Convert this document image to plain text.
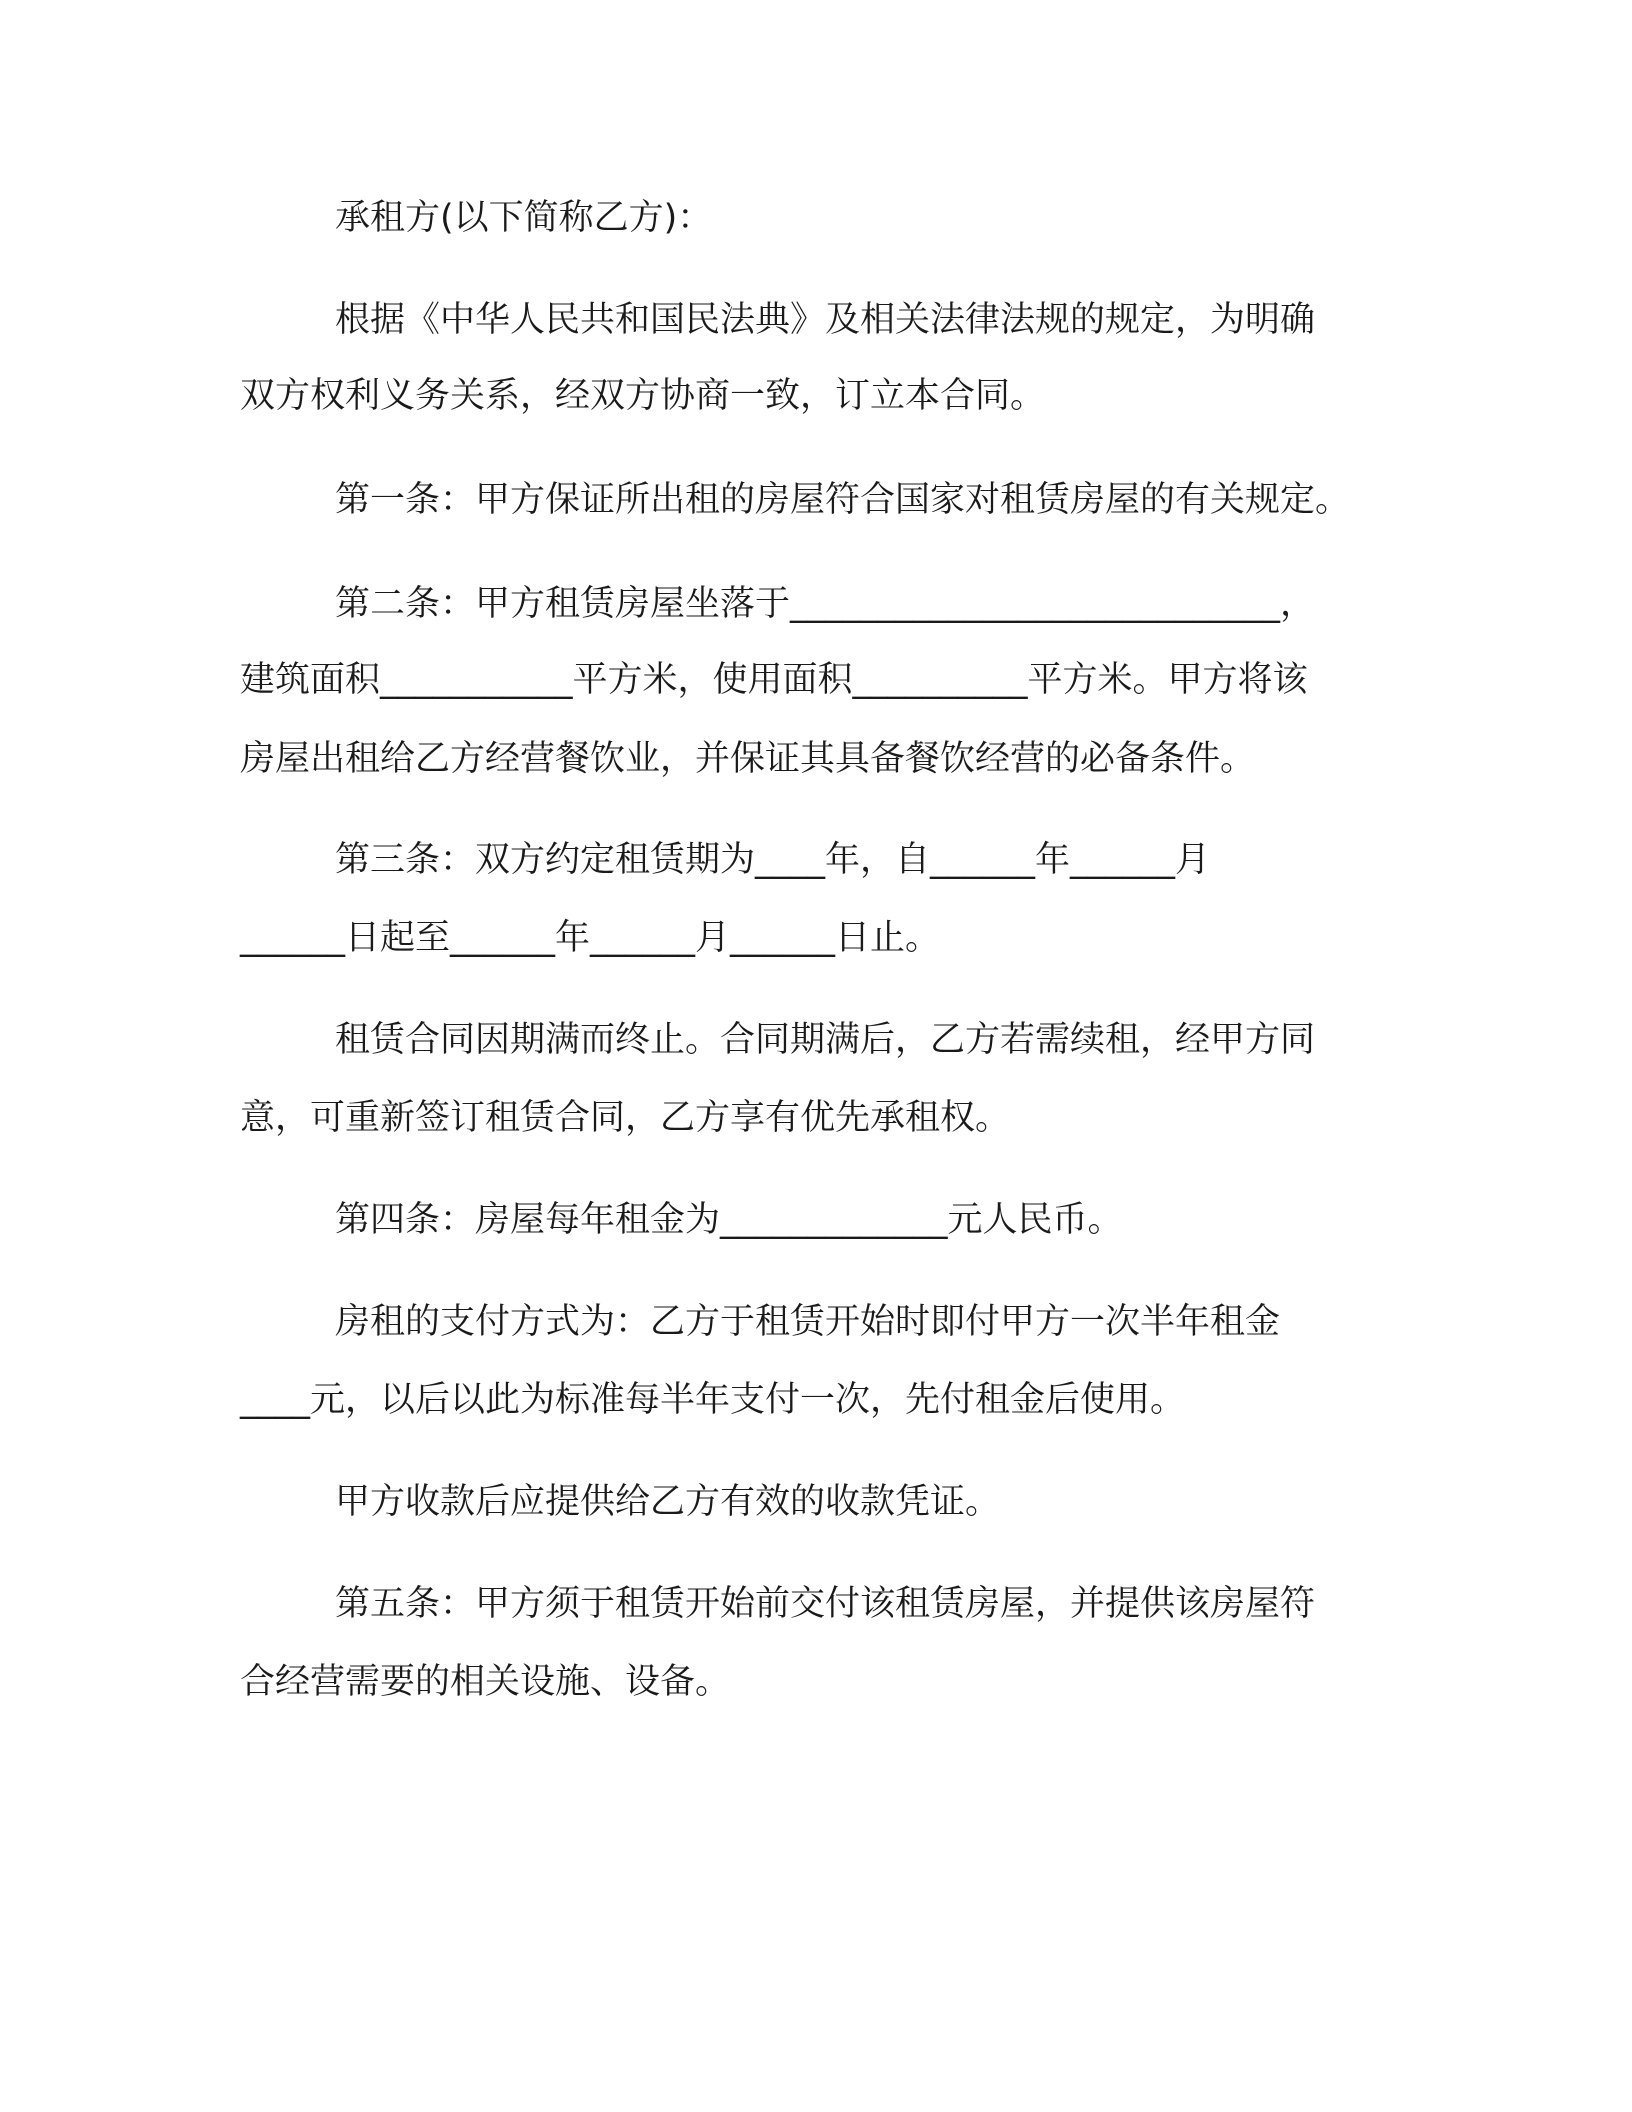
承租方(以下简称乙方)：

根据《中华人民共和国民法典》及相关法律法规的规定，为明确

双方权利义务关系，经双方协商一致，订立本合同。

第一条：甲方保证所出租的房屋符合国家对租赁房屋的有关规定。

第二条：甲方租赁房屋坐落于____________________________，

建筑面积___________平方米，使用面积__________平方米。甲方将该

房屋出租给乙方经营餐饮业，并保证其具备餐饮经营的必备条件。

第三条：双方约定租赁期为____年，自______年______月

______日起至______年______月______日止。

租赁合同因期满而终止。合同期满后，乙方若需续租，经甲方同

意，可重新签订租赁合同，乙方享有优先承租权。

第四条：房屋每年租金为_____________元人民币。

房租的支付方式为：乙方于租赁开始时即付甲方一次半年租金

____元，以后以此为标准每半年支付一次，先付租金后使用。

甲方收款后应提供给乙方有效的收款凭证。

第五条：甲方须于租赁开始前交付该租赁房屋，并提供该房屋符

合经营需要的相关设施、设备。
